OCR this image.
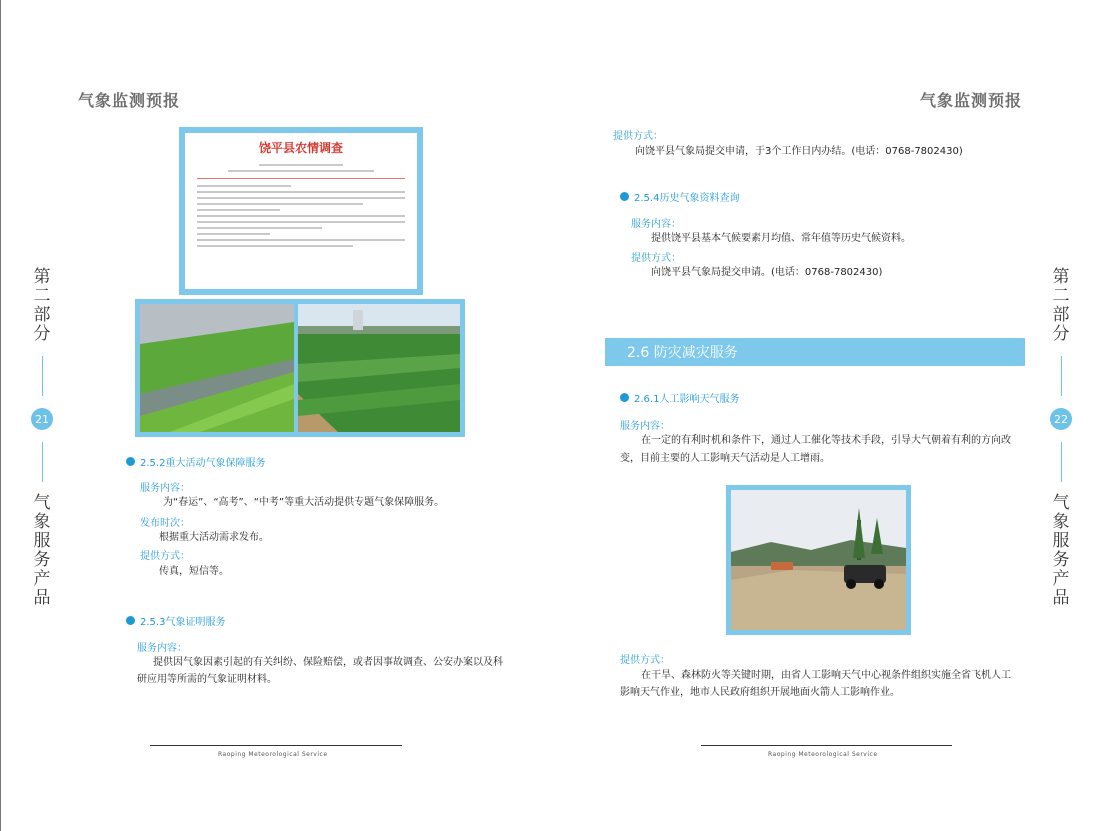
气象监测预报
第二部分
21
气象服务产品
饶平县农情调查
2.5.2重大活动气象保障服务
服务内容：
为“春运”、“高考”、“中考”等重大活动提供专题气象保障服务。
发布时次：
根据重大活动需求发布。
提供方式：
传真，短信等。
2.5.3气象证明服务
服务内容：
提供因气象因素引起的有关纠纷、保险赔偿，或者因事故调查、公安办案以及科
研应用等所需的气象证明材料。
Raoping Meteorological Service
气象监测预报
第二部分
22
气象服务产品
提供方式：
向饶平县气象局提交申请，于3个工作日内办结。(电话：0768-7802430)
2.5.4历史气象资料查询
服务内容：
提供饶平县基本气候要素月均值、常年值等历史气候资料。
提供方式：
向饶平县气象局提交申请。(电话：0768-7802430)
2.6 防灾减灾服务
2.6.1人工影响天气服务
服务内容：
在一定的有利时机和条件下，通过人工催化等技术手段，引导大气朝着有利的方向改
变，目前主要的人工影响天气活动是人工增雨。
提供方式：
在干旱、森林防火等关键时期，由省人工影响天气中心视条件组织实施全省飞机人工
影响天气作业，地市人民政府组织开展地面火箭人工影响作业。
Raoping Meteorological Service
